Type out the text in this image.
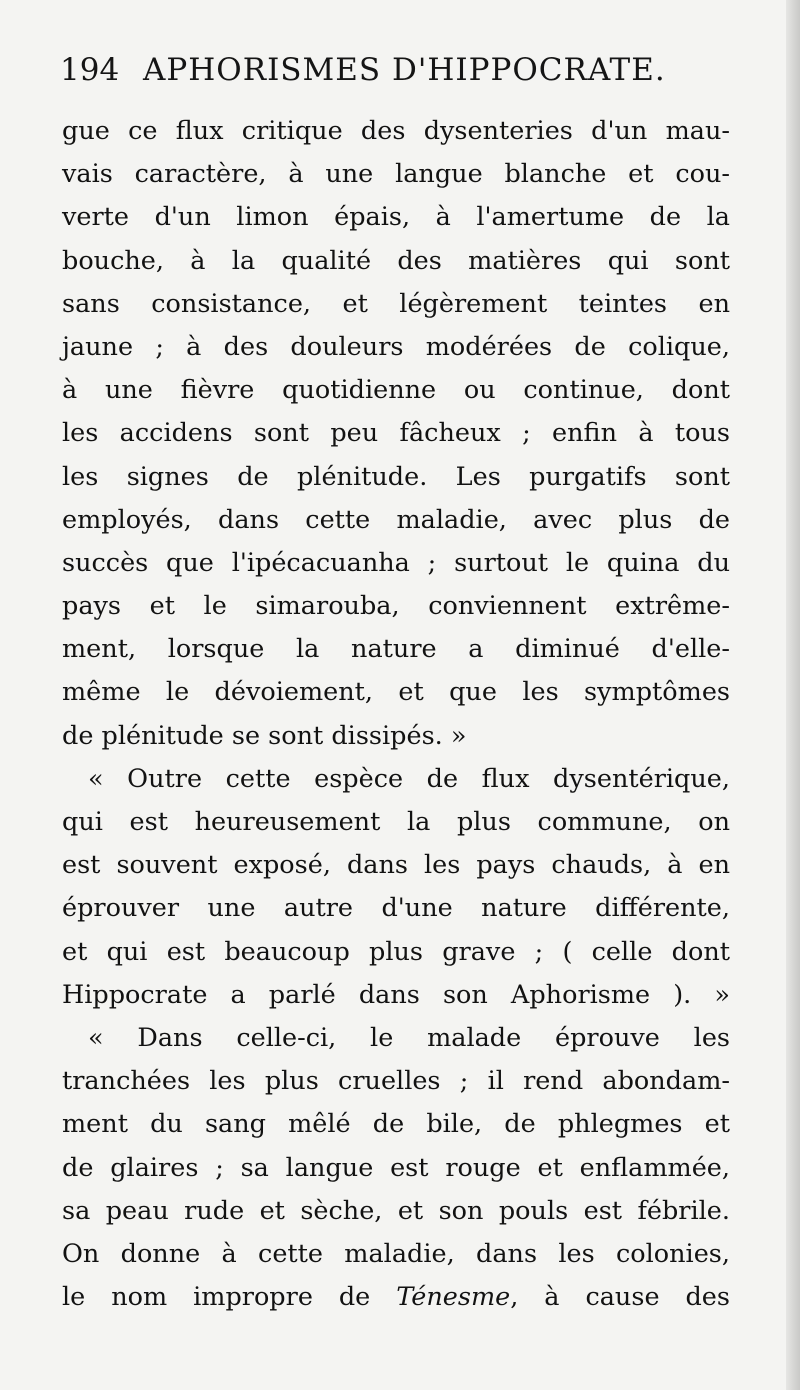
194 APHORISMES D'HIPPOCRATE.
gue ce flux critique des dysenteries d'un mau-
vais caractère, à une langue blanche et cou-
verte d'un limon épais, à l'amertume de la
bouche, à la qualité des matières qui sont
sans consistance, et légèrement teintes en
jaune ; à des douleurs modérées de colique,
à une fièvre quotidienne ou continue, dont
les accidens sont peu fâcheux ; enfin à tous
les signes de plénitude. Les purgatifs sont
employés, dans cette maladie, avec plus de
succès que l'ipécacuanha ; surtout le quina du
pays et le simarouba, conviennent extrême-
ment, lorsque la nature a diminué d'elle-
même le dévoiement, et que les symptômes
de plénitude se sont dissipés. »
« Outre cette espèce de flux dysentérique,
qui est heureusement la plus commune, on
est souvent exposé, dans les pays chauds, à en
éprouver une autre d'une nature différente,
et qui est beaucoup plus grave ; ( celle dont
Hippocrate a parlé dans son Aphorisme ). »
« Dans celle-ci, le malade éprouve les
tranchées les plus cruelles ; il rend abondam-
ment du sang mêlé de bile, de phlegmes et
de glaires ; sa langue est rouge et enflammée,
sa peau rude et sèche, et son pouls est fébrile.
On donne à cette maladie, dans les colonies,
le nom impropre de Ténesme, à cause des
